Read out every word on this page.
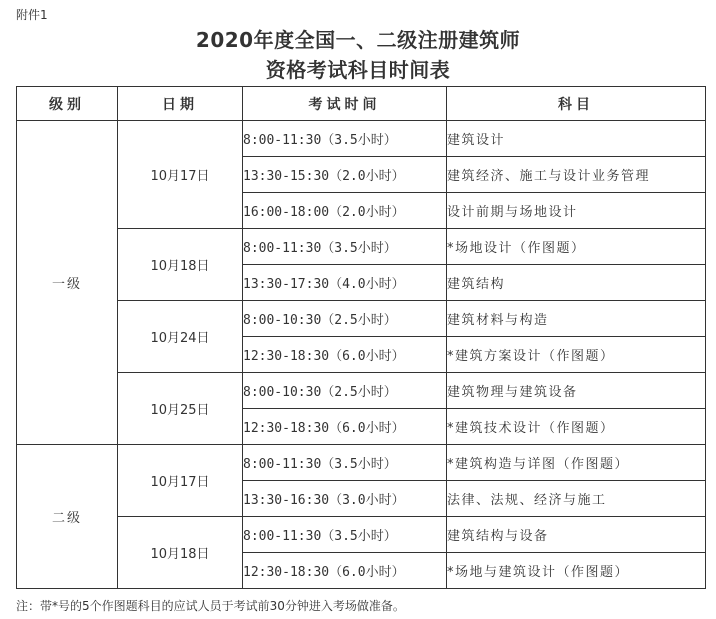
附件1
2020年度全国一、二级注册建筑师
资格考试科目时间表
级别	日期	考试时间	科目
一级	10月17日	8:00-11:30（3.5小时）	建筑设计
		13:30-15:30（2.0小时）	建筑经济、施工与设计业务管理
		16:00-18:00（2.0小时）	设计前期与场地设计
	10月18日	8:00-11:30（3.5小时）	*场地设计（作图题）
		13:30-17:30（4.0小时）	建筑结构
	10月24日	8:00-10:30（2.5小时）	建筑材料与构造
		12:30-18:30（6.0小时）	*建筑方案设计（作图题）
	10月25日	8:00-10:30（2.5小时）	建筑物理与建筑设备
		12:30-18:30（6.0小时）	*建筑技术设计（作图题）
二级	10月17日	8:00-11:30（3.5小时）	*建筑构造与详图（作图题）
		13:30-16:30（3.0小时）	法律、法规、经济与施工
	10月18日	8:00-11:30（3.5小时）	建筑结构与设备
		12:30-18:30（6.0小时）	*场地与建筑设计（作图题）
注：带*号的5个作图题科目的应试人员于考试前30分钟进入考场做准备。
